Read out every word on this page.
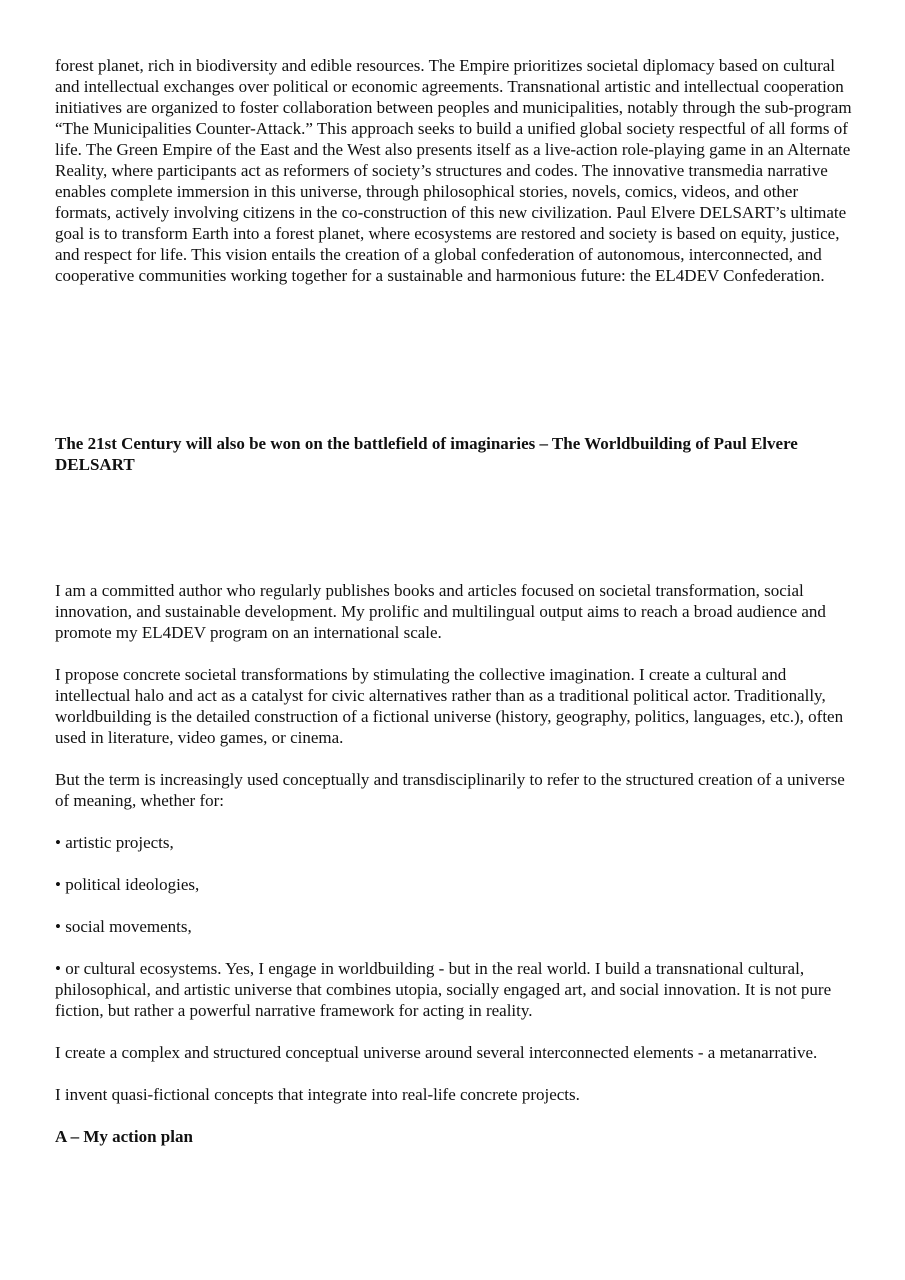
forest planet, rich in biodiversity and edible resources. The Empire prioritizes societal diplomacy based on cultural and intellectual exchanges over political or economic agreements. Transnational artistic and intellectual cooperation initiatives are organized to foster collaboration between peoples and municipalities, notably through the sub-program “The Municipalities Counter-Attack.” This approach seeks to build a unified global society respectful of all forms of life. The Green Empire of the East and the West also presents itself as a live-action role-playing game in an Alternate Reality, where participants act as reformers of society’s structures and codes. The innovative transmedia narrative enables complete immersion in this universe, through philosophical stories, novels, comics, videos, and other formats, actively involving citizens in the co-construction of this new civilization. Paul Elvere DELSART’s ultimate goal is to transform Earth into a forest planet, where ecosystems are restored and society is based on equity, justice, and respect for life. This vision entails the creation of a global confederation of autonomous, interconnected, and cooperative communities working together for a sustainable and harmonious future: the EL4DEV Confederation.

The 21st Century will also be won on the battlefield of imaginaries – The Worldbuilding of Paul Elvere DELSART

I am a committed author who regularly publishes books and articles focused on societal transformation, social innovation, and sustainable development. My prolific and multilingual output aims to reach a broad audience and promote my EL4DEV program on an international scale.

I propose concrete societal transformations by stimulating the collective imagination. I create a cultural and intellectual halo and act as a catalyst for civic alternatives rather than as a traditional political actor. Traditionally, worldbuilding is the detailed construction of a fictional universe (history, geography, politics, languages, etc.), often used in literature, video games, or cinema.

But the term is increasingly used conceptually and transdisciplinarily to refer to the structured creation of a universe of meaning, whether for:

• artistic projects,

• political ideologies,

• social movements,

• or cultural ecosystems. Yes, I engage in worldbuilding - but in the real world. I build a transnational cultural, philosophical, and artistic universe that combines utopia, socially engaged art, and social innovation. It is not pure fiction, but rather a powerful narrative framework for acting in reality.

I create a complex and structured conceptual universe around several interconnected elements - a metanarrative.

I invent quasi-fictional concepts that integrate into real-life concrete projects.

A – My action plan
